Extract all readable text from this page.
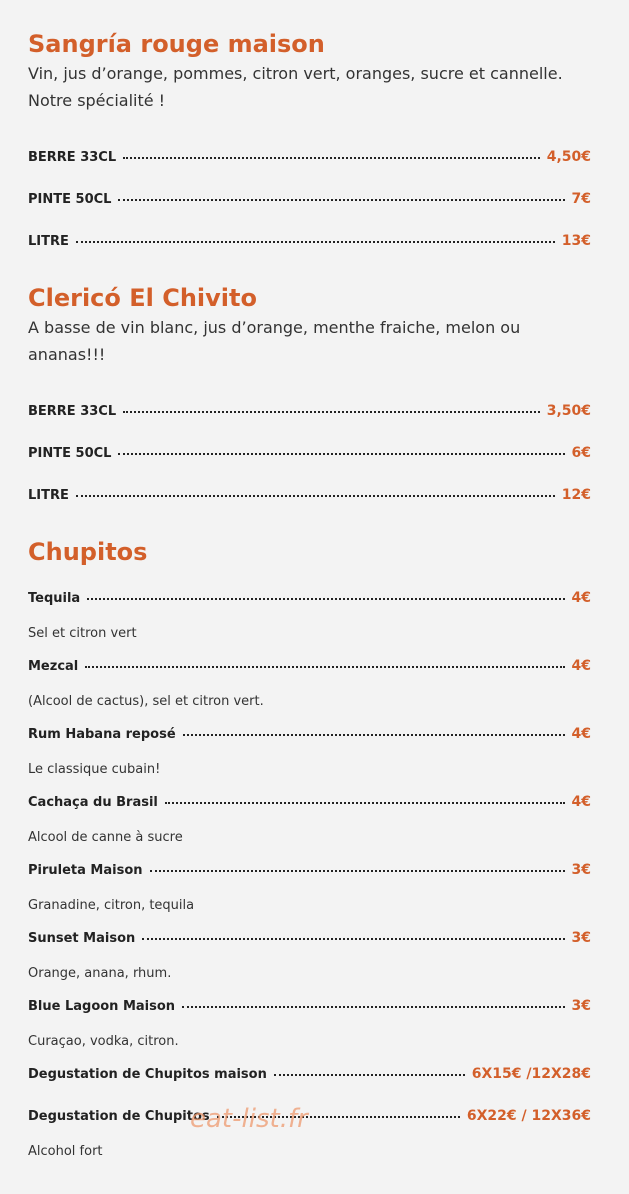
Sangría rouge maison

Vin, jus d’orange, pommes, citron vert, oranges, sucre et cannelle. Notre spécialité !

BERRE 33CL	4,50€
PINTE 50CL	7€
LITRE	13€
Clericó El Chivito

A basse de vin blanc, jus d’orange, menthe fraiche, melon ou ananas!!!

BERRE 33CL	3,50€
PINTE 50CL	6€
LITRE	12€
Chupitos
Tequila	4€

Sel et citron vert

Mezcal	4€

(Alcool de cactus), sel et citron vert.

Rum Habana reposé	4€

Le classique cubain!

Cachaça du Brasil	4€

Alcool de canne à sucre

Piruleta Maison	3€

Granadine, citron, tequila

Sunset Maison	3€

Orange, anana, rhum.

Blue Lagoon Maison	3€

Curaçao, vodka, citron.

Degustation de Chupitos maison	6X15€ /12X28€
Degustation de Chupitos	6X22€ / 12X36€

Alcohol fort

eat-list.fr
